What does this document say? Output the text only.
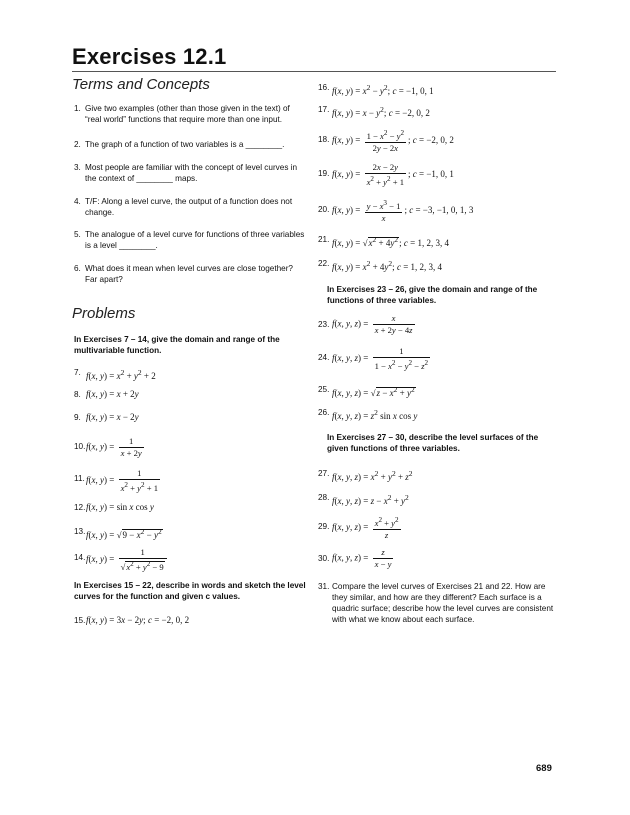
Exercises 12.1
Terms and Concepts
1. Give two examples (other than those given in the text) of “real world” functions that require more than one input.
2. The graph of a function of two variables is a ________.
3. Most people are familiar with the concept of level curves in the context of ________ maps.
4. T/F: Along a level curve, the output of a function does not change.
5. The analogue of a level curve for functions of three variables is a level ________.
6. What does it mean when level curves are close together? Far apart?
Problems
In Exercises 7 – 14, give the domain and range of the multivariable function.
7. f(x, $y) = x^2 + y^2 + 2$
8. f(x, y) = x + 2y
9. f(x, y) = x − 2y
10. f(x, $y) = \frac{1}{x + 2y}$
11. f(x, $y) = \frac{1}{x^2 + y^2 + 1}$
12. f(x, y) = sin x cos y
13. f(x, $y) = √9 - x^2 - y^2$
14. f(x, $y) = \frac{1}{√x^2 + y^2 - 9}$
In Exercises 15 – 22, describe in words and sketch the level curves for the function and given c values.
15. f(x, y) = 3x − 2y; c = −2, 0, 2
16. f(x, $y) = x^2 - y^2$; c = −1, 0, 1
17. f(x, $y) = x - y^2$; c = −2, 0, 2
18. f(x, $y) = \frac{1 - x^2 - y^2}{2y - 2x}$ ; c = −2, 0, 2
19. f(x, $y) = \frac{2x - 2y}{x^2 + y^2 + 1}$ ; c = −1, 0, 1
20. f(x, $y) = \frac{y - x^3 - 1}{x}$ ; c = −3, −1, 0, 1, 3
21. f(x, $y) = √x^2 + 4y^2$; c = 1, 2, 3, 4
22. f(x, $y) = x^2 + 4y^2$; c = 1, 2, 3, 4
In Exercises 23 – 26, give the domain and range of the functions of three variables.
23. f(x, y, $z) = \frac{x}{x + 2y - 4z}$
24. f(x, y, $z) = \frac{1}{1 - x^2 - y^2 - z^2}$
25. f(x, y, $z) = √z - x^2 + y^2$
26. f(x, y, $z) = z^2$ sin x cos y
In Exercises 27 – 30, describe the level surfaces of the given functions of three variables.
27. f(x, y, $z) = x^2 + y^2 + z^2$
28. f(x, y, $z) = z - x^2 + y^2$
29. f(x, y, $z) = \frac{x^2 + y^2}{z}$
30. f(x, y, $z) = \frac{z}{x - y}$
31. Compare the level curves of Exercises 21 and 22. How are they similar, and how are they different? Each surface is a quadric surface; describe how the level curves are consistent with what we know about each surface.
689
